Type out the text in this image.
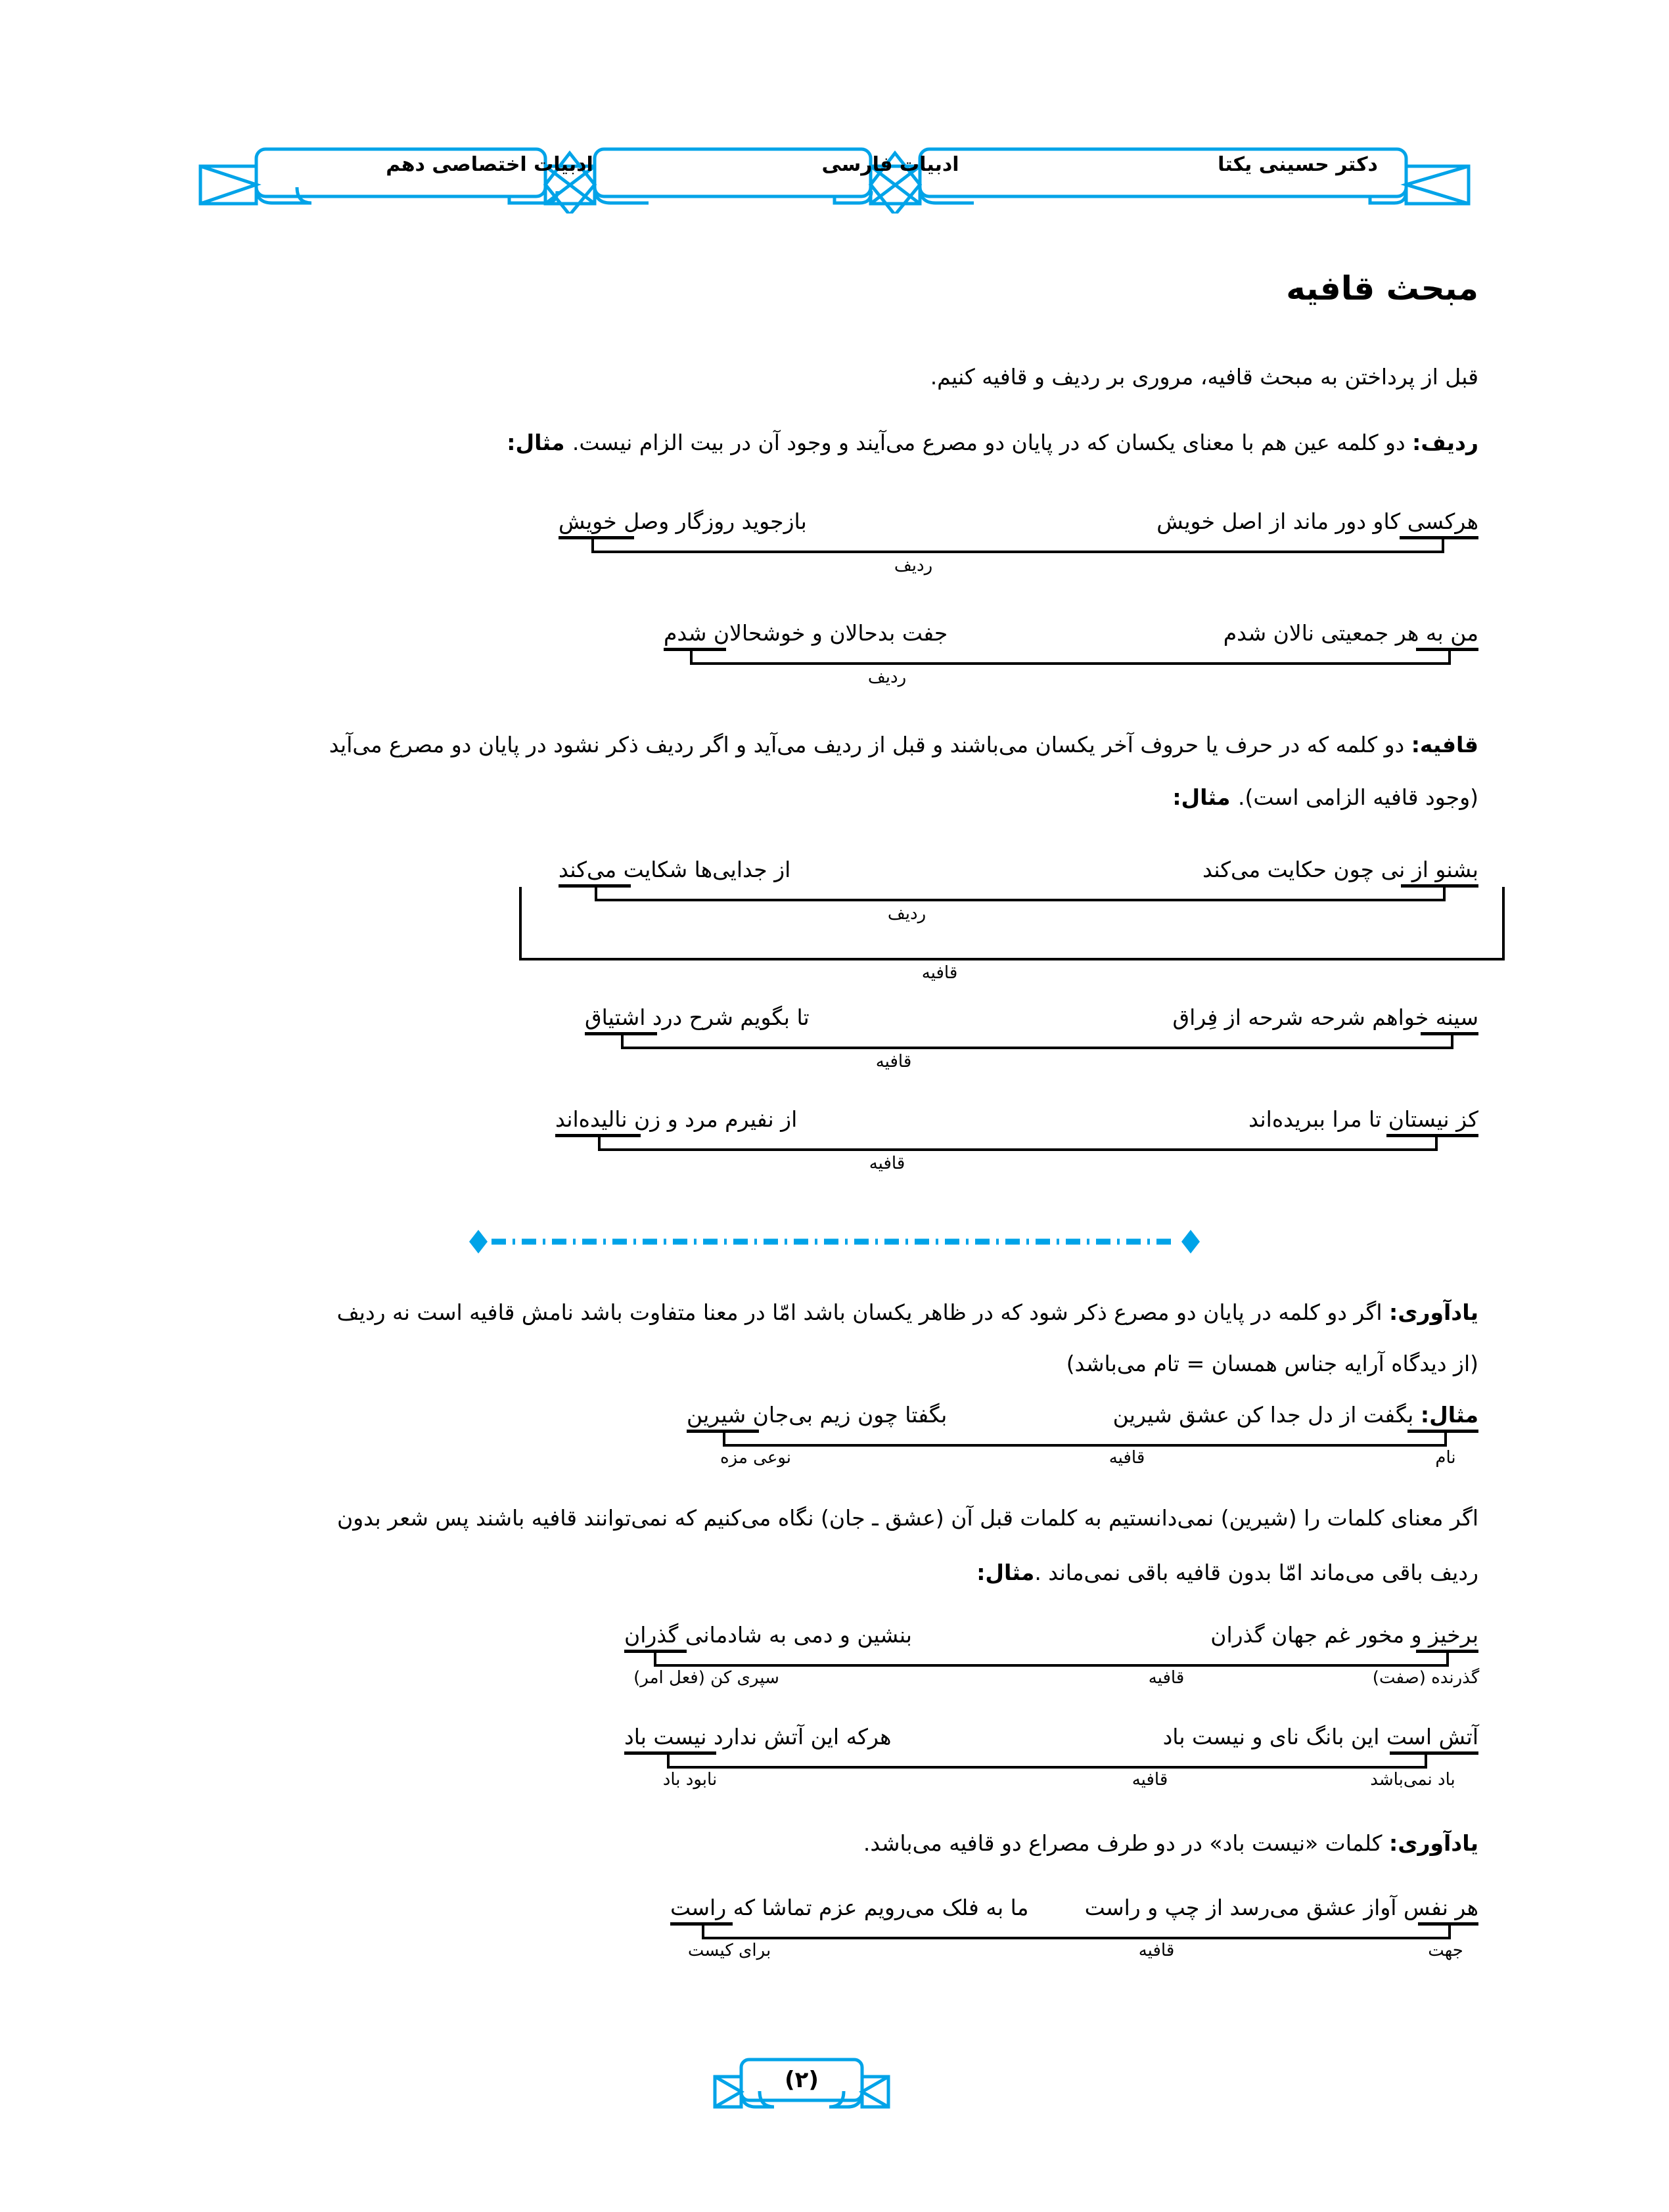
دکتر حسینی یکتا
ادبیات فارسی
ادبیات اختصاصی دهم
مبحث قافیه
قبل از پرداختن به مبحث قافیه، مروری بر ردیف و قافیه کنیم.
ردیف: دو کلمه عین هم با معنای یکسان که در پایان دو مصرع می‌آیند و وجود آن در بیت الزام نیست. مثال:
هرکسی کاو دور ماند از اصل خویش
بازجوید روزگار وصل خویش
ردیف
من به هر جمعیتی نالان شدم
جفت بدحالان و خوشحالان شدم
ردیف
قافیه: دو کلمه که در حرف یا حروف آخر یکسان می‌باشند و قبل از ردیف می‌آید و اگر ردیف ذکر نشود در پایان دو مصرع می‌آید
(وجود قافیه الزامی است). مثال:
بشنو از نی چون حکایت می‌کند
از جدایی‌ها شکایت می‌کند
ردیف
قافیه
سینه خواهم شرحه شرحه از فِراق
تا بگویم شرح درد اشتیاق
قافیه
کز نیستان تا مرا ببریده‌اند
از نفیرم مرد و زن نالیده‌اند
قافیه
یادآوری: اگر دو کلمه در پایان دو مصرع ذکر شود که در ظاهر یکسان باشد امّا در معنا متفاوت باشد نامش قافیه است نه ردیف
(از دیدگاه آرایه جناس همسان = تام می‌باشد)
مثال: بگفت از دل جدا کن عشق شیرین
بگفتا چون زیم بی‌جان شیرین
نام
قافیه
نوعی مزه
اگر معنای کلمات را (شیرین) نمی‌دانستیم به کلمات قبل آن (عشق ـ جان) نگاه می‌کنیم که نمی‌توانند قافیه باشند پس شعر بدون
ردیف باقی می‌ماند امّا بدون قافیه باقی نمی‌ماند .مثال:
برخیز و مخور غم جهان گذران
بنشین و دمی به شادمانی گذران
گذرنده (صفت)
قافیه
سپری کن (فعل امر)
آتش است این بانگ نای و نیست باد
هرکه این آتش ندارد نیست باد
باد نمی‌باشد
قافیه
نابود باد
یادآوری: کلمات «نیست باد» در دو طرف مصراع دو قافیه می‌باشد.
هر نفس آواز عشق می‌رسد از چپ و راست
ما به فلک می‌رویم عزم تماشا که راست
جهت
قافیه
برای کیست
(۲)
